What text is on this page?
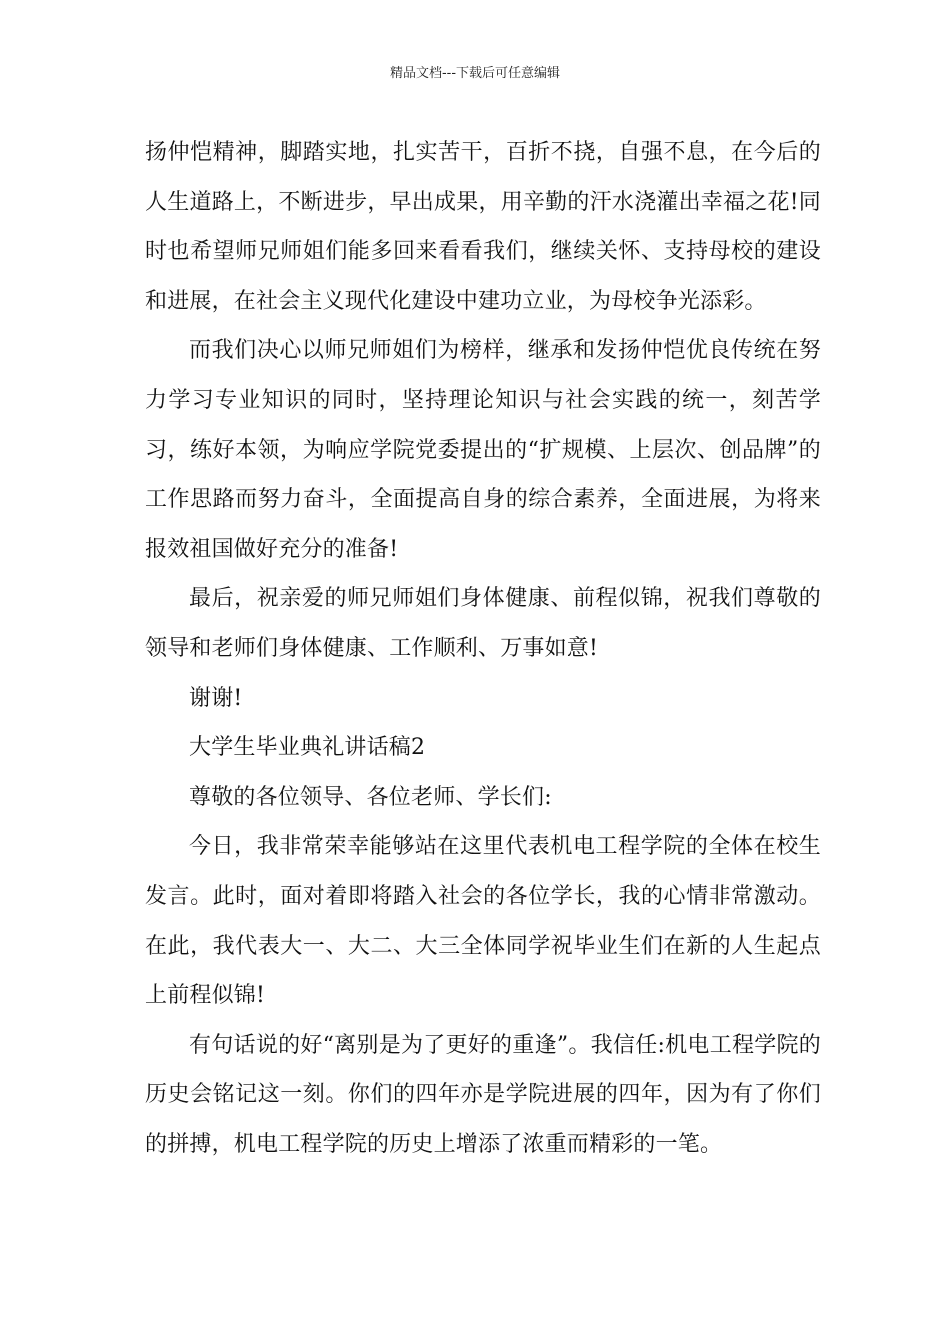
精品文档---下载后可任意编辑

扬仲恺精神，脚踏实地，扎实苦干，百折不挠，自强不息，在今后的人生道路上，不断进步，早出成果，用辛勤的汗水浇灌出幸福之花!同时也希望师兄师姐们能多回来看看我们，继续关怀、支持母校的建设和进展，在社会主义现代化建设中建功立业，为母校争光添彩。

而我们决心以师兄师姐们为榜样，继承和发扬仲恺优良传统在努力学习专业知识的同时，坚持理论知识与社会实践的统一，刻苦学习，练好本领，为响应学院党委提出的“扩规模、上层次、创品牌”的工作思路而努力奋斗，全面提高自身的综合素养，全面进展，为将来报效祖国做好充分的准备!

最后，祝亲爱的师兄师姐们身体健康、前程似锦，祝我们尊敬的领导和老师们身体健康、工作顺利、万事如意!

谢谢!

大学生毕业典礼讲话稿2

尊敬的各位领导、各位老师、学长们:

今日，我非常荣幸能够站在这里代表机电工程学院的全体在校生发言。此时，面对着即将踏入社会的各位学长，我的心情非常激动。在此，我代表大一、大二、大三全体同学祝毕业生们在新的人生起点上前程似锦!

有句话说的好“离别是为了更好的重逢”。我信任:机电工程学院的历史会铭记这一刻。你们的四年亦是学院进展的四年，因为有了你们的拼搏，机电工程学院的历史上增添了浓重而精彩的一笔。
